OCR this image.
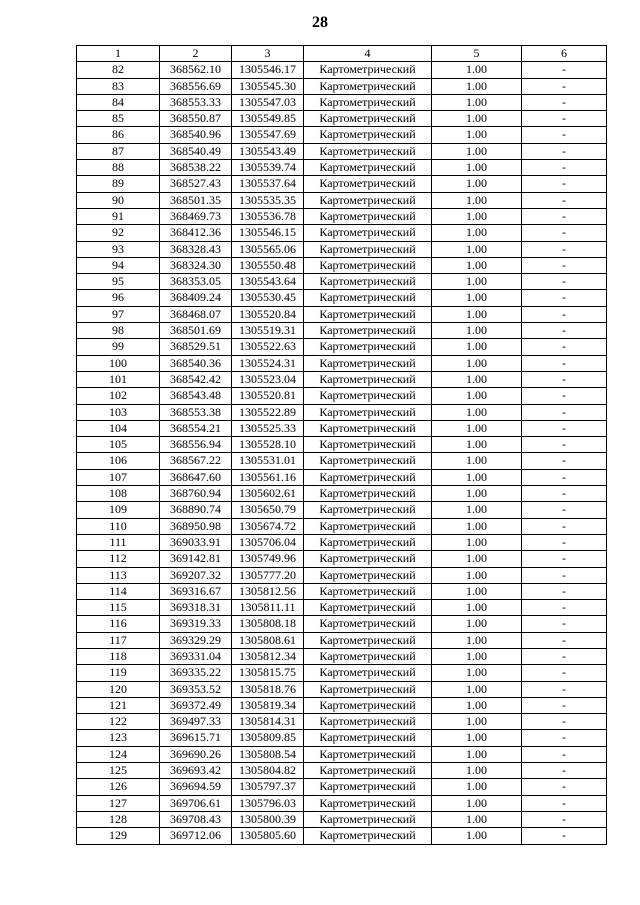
28
1	2	3	4	5	6
82	368562.10	1305546.17	Картометрический	1.00	-
83	368556.69	1305545.30	Картометрический	1.00	-
84	368553.33	1305547.03	Картометрический	1.00	-
85	368550.87	1305549.85	Картометрический	1.00	-
86	368540.96	1305547.69	Картометрический	1.00	-
87	368540.49	1305543.49	Картометрический	1.00	-
88	368538.22	1305539.74	Картометрический	1.00	-
89	368527.43	1305537.64	Картометрический	1.00	-
90	368501.35	1305535.35	Картометрический	1.00	-
91	368469.73	1305536.78	Картометрический	1.00	-
92	368412.36	1305546.15	Картометрический	1.00	-
93	368328.43	1305565.06	Картометрический	1.00	-
94	368324.30	1305550.48	Картометрический	1.00	-
95	368353.05	1305543.64	Картометрический	1.00	-
96	368409.24	1305530.45	Картометрический	1.00	-
97	368468.07	1305520.84	Картометрический	1.00	-
98	368501.69	1305519.31	Картометрический	1.00	-
99	368529.51	1305522.63	Картометрический	1.00	-
100	368540.36	1305524.31	Картометрический	1.00	-
101	368542.42	1305523.04	Картометрический	1.00	-
102	368543.48	1305520.81	Картометрический	1.00	-
103	368553.38	1305522.89	Картометрический	1.00	-
104	368554.21	1305525.33	Картометрический	1.00	-
105	368556.94	1305528.10	Картометрический	1.00	-
106	368567.22	1305531.01	Картометрический	1.00	-
107	368647.60	1305561.16	Картометрический	1.00	-
108	368760.94	1305602.61	Картометрический	1.00	-
109	368890.74	1305650.79	Картометрический	1.00	-
110	368950.98	1305674.72	Картометрический	1.00	-
111	369033.91	1305706.04	Картометрический	1.00	-
112	369142.81	1305749.96	Картометрический	1.00	-
113	369207.32	1305777.20	Картометрический	1.00	-
114	369316.67	1305812.56	Картометрический	1.00	-
115	369318.31	1305811.11	Картометрический	1.00	-
116	369319.33	1305808.18	Картометрический	1.00	-
117	369329.29	1305808.61	Картометрический	1.00	-
118	369331.04	1305812.34	Картометрический	1.00	-
119	369335.22	1305815.75	Картометрический	1.00	-
120	369353.52	1305818.76	Картометрический	1.00	-
121	369372.49	1305819.34	Картометрический	1.00	-
122	369497.33	1305814.31	Картометрический	1.00	-
123	369615.71	1305809.85	Картометрический	1.00	-
124	369690.26	1305808.54	Картометрический	1.00	-
125	369693.42	1305804.82	Картометрический	1.00	-
126	369694.59	1305797.37	Картометрический	1.00	-
127	369706.61	1305796.03	Картометрический	1.00	-
128	369708.43	1305800.39	Картометрический	1.00	-
129	369712.06	1305805.60	Картометрический	1.00	-
